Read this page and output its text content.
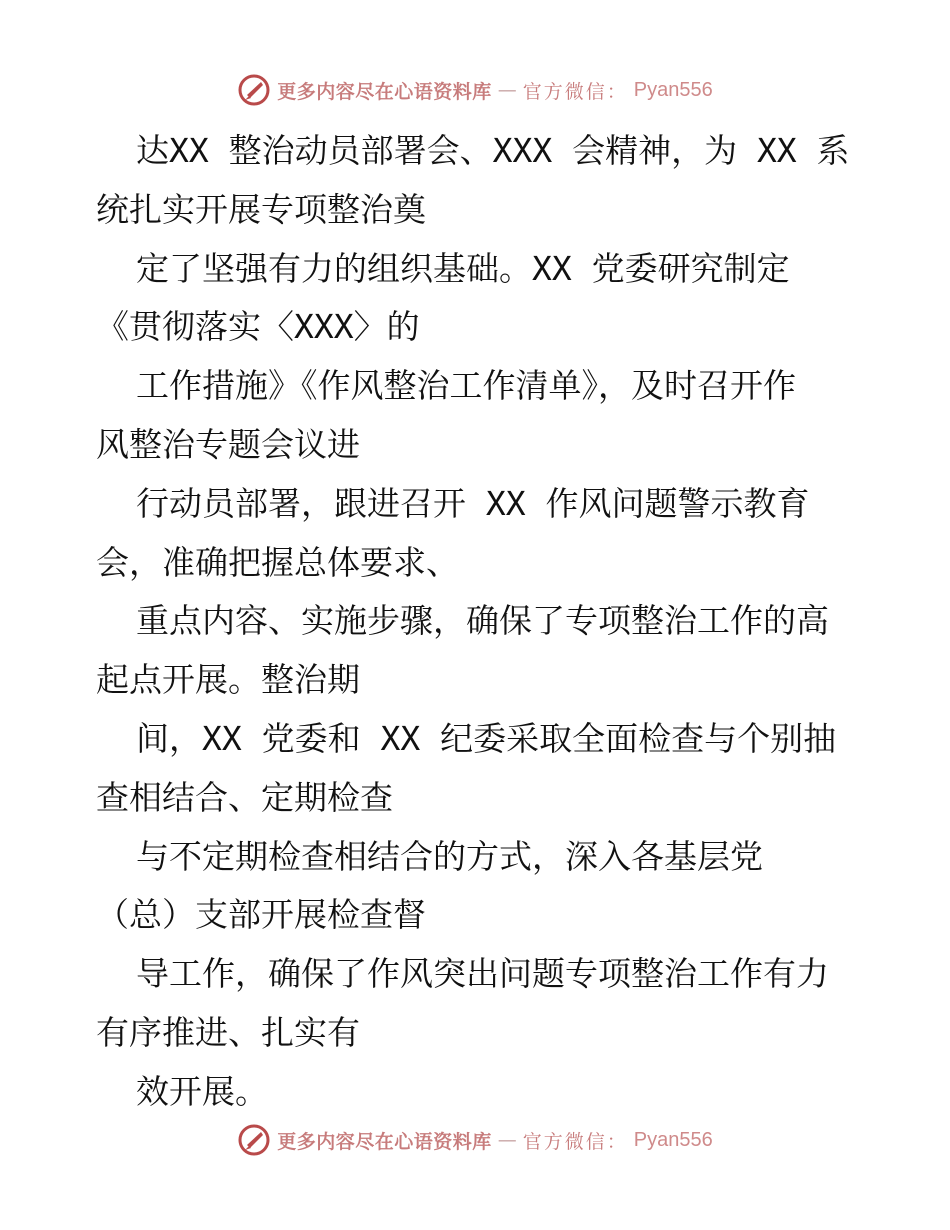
更多内容尽在心语资料库 — 官方微信： Pyan556
达XX 整治动员部署会、XXX 会精神，为 XX 系
统扎实开展专项整治奠
定了坚强有力的组织基础。XX 党委研究制定
《贯彻落实〈XXX〉的
工作措施》《作风整治工作清单》，及时召开作
风整治专题会议进
行动员部署，跟进召开 XX 作风问题警示教育
会，准确把握总体要求、
重点内容、实施步骤，确保了专项整治工作的高
起点开展。整治期
间，XX 党委和 XX 纪委采取全面检查与个别抽
查相结合、定期检查
与不定期检查相结合的方式，深入各基层党
（总）支部开展检查督
导工作，确保了作风突出问题专项整治工作有力
有序推进、扎实有
效开展。
更多内容尽在心语资料库 — 官方微信： Pyan556
